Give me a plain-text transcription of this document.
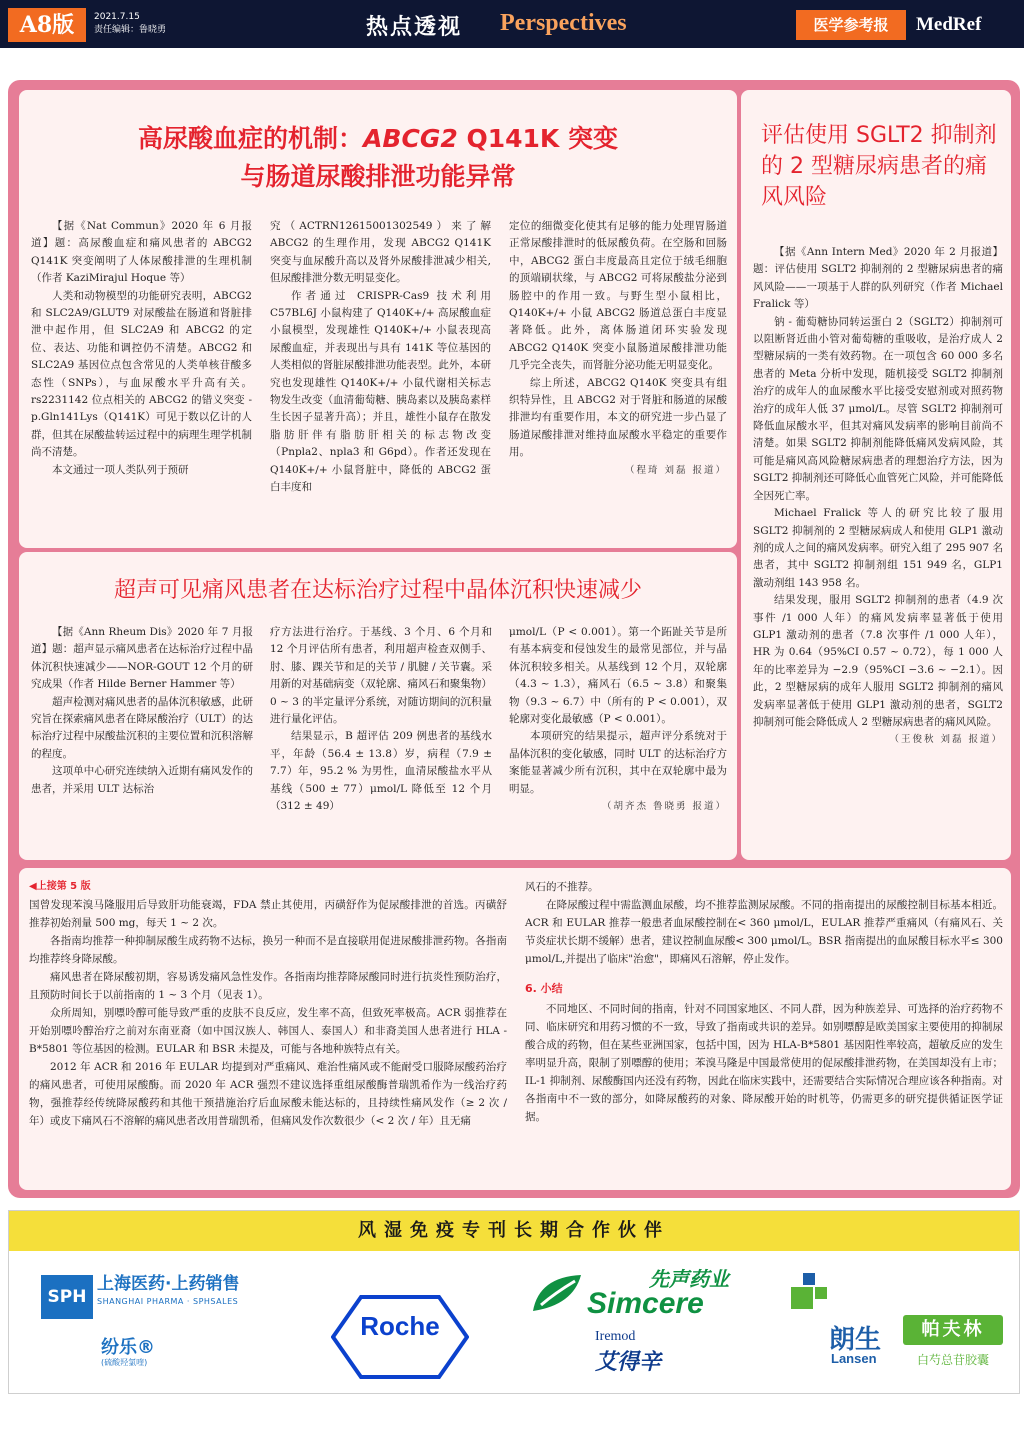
A8版	2021.7.15
责任编辑：鲁晓勇	热点透视 Perspectives	医学参考报	MedRef
高尿酸血症的机制：ABCG2 Q141K 突变
与肠道尿酸排泄功能异常

【据《Nat Commun》2020 年 6 月报道】题：高尿酸血症和痛风患者的 ABCG2 Q141K 突变阐明了人体尿酸排泄的生理机制（作者 KaziMirajul Hoque 等）

人类和动物模型的功能研究表明，ABCG2 和 SLC2A9/GLUT9 对尿酸盐在肠道和肾脏排泄中起作用，但 SLC2A9 和 ABCG2 的定位、表达、功能和调控仍不清楚。ABCG2 和 SLC2A9 基因位点包含常见的人类单核苷酸多态性（SNPs），与血尿酸水平升高有关。rs2231142 位点相关的 ABCG2 的错义突变 -p.Gln141Lys（Q141K）可见于数以亿计的人群，但其在尿酸盐转运过程中的病理生理学机制尚不清楚。

本文通过一项人类队列于预研

究（ACTRN12615001302549）来了解 ABCG2 的生理作用，发现 ABCG2 Q141K 突变与血尿酸升高以及肾外尿酸排泄减少相关,但尿酸排泄分数无明显变化。

作者通过 CRISPR-Cas9 技术利用 C57BL6J 小鼠构建了 Q140K+/+ 高尿酸血症小鼠模型，发现雄性 Q140K+/+ 小鼠表现高尿酸血症，并表现出与具有 141K 等位基因的人类相似的肾脏尿酸排泄功能表型。此外，本研究也发现雄性 Q140K+/+ 小鼠代谢相关标志物发生改变（血清葡萄糖、胰岛素以及胰岛素样生长因子显著升高）；并且，雄性小鼠存在散发脂肪肝伴有脂肪肝相关的标志物改变（Pnpla2、npla3 和 G6pd）。作者还发现在 Q140K+/+ 小鼠肾脏中，降低的 ABCG2 蛋白丰度和

定位的细微变化使其有足够的能力处理胃肠道正常尿酸排泄时的低尿酸负荷。在空肠和回肠中，ABCG2 蛋白丰度最高且定位于绒毛细胞的顶端刷状缘，与 ABCG2 可将尿酸盐分泌到肠腔中的作用一致。与野生型小鼠相比，Q140K+/+ 小鼠 ABCG2 肠道总蛋白丰度显著降低。此外，离体肠道闭环实验发现 ABCG2 Q140K 突变小鼠肠道尿酸排泄功能几乎完全丧失，而肾脏分泌功能无明显变化。

综上所述，ABCG2 Q140K 突变具有组织特异性，且 ABCG2 对于肾脏和肠道的尿酸排泄均有重要作用，本文的研究进一步凸显了肠道尿酸排泄对维持血尿酸水平稳定的重要作用。

（程琦 刘磊 报道）

评估使用 SGLT2 抑制剂的 2 型糖尿病患者的痛风风险

【据《Ann Intern Med》2020 年 2 月报道】题：评估使用 SGLT2 抑制剂的 2 型糖尿病患者的痛风风险——一项基于人群的队列研究（作者 Michael Fralick 等）

钠 - 葡萄糖协同转运蛋白 2（SGLT2）抑制剂可以阻断肾近曲小管对葡萄糖的重吸收，是治疗成人 2 型糖尿病的一类有效药物。在一项包含 60 000 多名患者的 Meta 分析中发现，随机接受 SGLT2 抑制剂治疗的成年人的血尿酸水平比接受安慰剂或对照药物治疗的成年人低 37 μmol/L。尽管 SGLT2 抑制剂可降低血尿酸水平，但其对痛风发病率的影响目前尚不清楚。如果 SGLT2 抑制剂能降低痛风发病风险，其可能是痛风高风险糖尿病患者的理想治疗方法，因为 SGLT2 抑制剂还可降低心血管死亡风险，并可能降低全因死亡率。

Michael Fralick 等人的研究比较了服用 SGLT2 抑制剂的 2 型糖尿病成人和使用 GLP1 激动剂的成人之间的痛风发病率。研究入组了 295 907 名患者，其中 SGLT2 抑制剂组 151 949 名，GLP1 激动剂组 143 958 名。

结果发现，服用 SGLT2 抑制剂的患者（4.9 次事件 /1 000 人年）的痛风发病率显著低于使用 GLP1 激动剂的患者（7.8 次事件 /1 000 人年），HR 为 0.64（95%CI 0.57 ~ 0.72），每 1 000 人年的比率差异为 −2.9（95%CI −3.6 ~ −2.1）。因此，2 型糖尿病的成年人服用 SGLT2 抑制剂的痛风发病率显著低于使用 GLP1 激动剂的患者，SGLT2 抑制剂可能会降低成人 2 型糖尿病患者的痛风风险。

（王俊秋 刘磊 报道）

超声可见痛风患者在达标治疗过程中晶体沉积快速减少

【据《Ann Rheum Dis》2020 年 7 月报道】题：超声显示痛风患者在达标治疗过程中晶体沉积快速减少——NOR-GOUT 12 个月的研究成果（作者 Hilde Berner Hammer 等）

超声检测对痛风患者的晶体沉积敏感，此研究旨在探索痛风患者在降尿酸治疗（ULT）的达标治疗过程中尿酸盐沉积的主要位置和沉积溶解的程度。

这项单中心研究连续纳入近期有痛风发作的患者，并采用 ULT 达标治

疗方法进行治疗。于基线、3 个月、6 个月和 12 个月评估所有患者，利用超声检查双侧手、肘、膝、踝关节和足的关节 / 肌腱 / 关节囊。采用新的对基础病变（双轮廓、痛风石和聚集物）0 ~ 3 的半定量评分系统，对随访期间的沉积量进行量化评估。

结果显示，B 超评估 209 例患者的基线水平，年龄（56.4 ± 13.8）岁，病程（7.9 ± 7.7）年，95.2 % 为男性，血清尿酸盐水平从基线（500 ± 77）μmol/L 降低至 12 个月（312 ± 49）

μmol/L（P < 0.001）。第一个跖趾关节是所有基本病变和侵蚀发生的最常见部位，并与晶体沉积较多相关。从基线到 12 个月，双轮廓（4.3 ~ 1.3），痛风石（6.5 ~ 3.8）和聚集物（9.3 ~ 6.7）中（所有的 P < 0.001），双轮廓对变化最敏感（P < 0.001）。

本项研究的结果提示，超声评分系统对于晶体沉积的变化敏感，同时 ULT 的达标治疗方案能显著减少所有沉积，其中在双轮廓中最为明显。

（胡齐杰 鲁晓勇 报道）

◀上接第 5 版

国曾发现苯溴马隆服用后导致肝功能衰竭，FDA 禁止其使用，丙磺舒作为促尿酸排泄的首选。丙磺舒推荐初始剂量 500 mg，每天 1 ~ 2 次。

各指南均推荐一种抑制尿酸生成药物不达标，换另一种而不是直接联用促进尿酸排泄药物。各指南均推荐终身降尿酸。

痛风患者在降尿酸初期，容易诱发痛风急性发作。各指南均推荐降尿酸同时进行抗炎性预防治疗，且预防时间长于以前指南的 1 ~ 3 个月（见表 1）。

众所周知，别嘌呤醇可能导致严重的皮肤不良反应，发生率不高，但致死率极高。ACR 弱推荐在开始别嘌呤醇治疗之前对东南亚裔（如中国汉族人、韩国人、泰国人）和非裔美国人患者进行 HLA - B*5801 等位基因的检测。EULAR 和 BSR 未提及，可能与各地种族特点有关。

2012 年 ACR 和 2016 年 EULAR 均提到对严重痛风、难治性痛风或不能耐受口服降尿酸药治疗的痛风患者，可使用尿酸酶。而 2020 年 ACR 强烈不建议选择重组尿酸酶普瑞凯希作为一线治疗药物，强推荐经传统降尿酸药和其他干预措施治疗后血尿酸未能达标的，且持续性痛风发作（≥ 2 次 / 年）或皮下痛风石不溶解的痛风患者改用普瑞凯希，但痛风发作次数很少（< 2 次 / 年）且无痛

风石的不推荐。

在降尿酸过程中需监测血尿酸，均不推荐监测尿尿酸。不同的指南提出的尿酸控制目标基本相近。ACR 和 EULAR 推荐一般患者血尿酸控制在< 360 μmol/L，EULAR 推荐严重痛风（有痛风石、关节炎症状长期不缓解）患者，建议控制血尿酸< 300 μmol/L。BSR 指南提出的血尿酸目标水平≤ 300 μmol/L,并提出了临床"治愈"，即痛风石溶解，停止发作。

6. 小结

不同地区、不同时间的指南，针对不同国家地区、不同人群，因为种族差异、可选择的治疗药物不同、临床研究和用药习惯的不一致，导致了指南或共识的差异。如别嘌醇是欧美国家主要使用的抑制尿酸合成的药物，但在某些亚洲国家，包括中国，因为 HLA-B*5801 基因阳性率较高，超敏反应的发生率明显升高，限制了别嘌醇的使用；苯溴马隆是中国最常使用的促尿酸排泄药物，在美国却没有上市；IL-1 抑制剂、尿酸酶国内还没有药物，因此在临床实践中，还需要结合实际情况合理应该各种指南。对各指南中不一致的部分，如降尿酸药的对象、降尿酸开始的时机等，仍需更多的研究提供循证医学证据。

风湿免疫专刊长期合作伙伴
SPH
上海医药·上药销售
SHANGHAI PHARMA · SPHSALES
纷乐®
(硫酸羟氯喹)
Roche
先声药业
Simcere
Iremod
艾得辛
朗生
Lansen
帕夫林
白芍总苷胶囊
